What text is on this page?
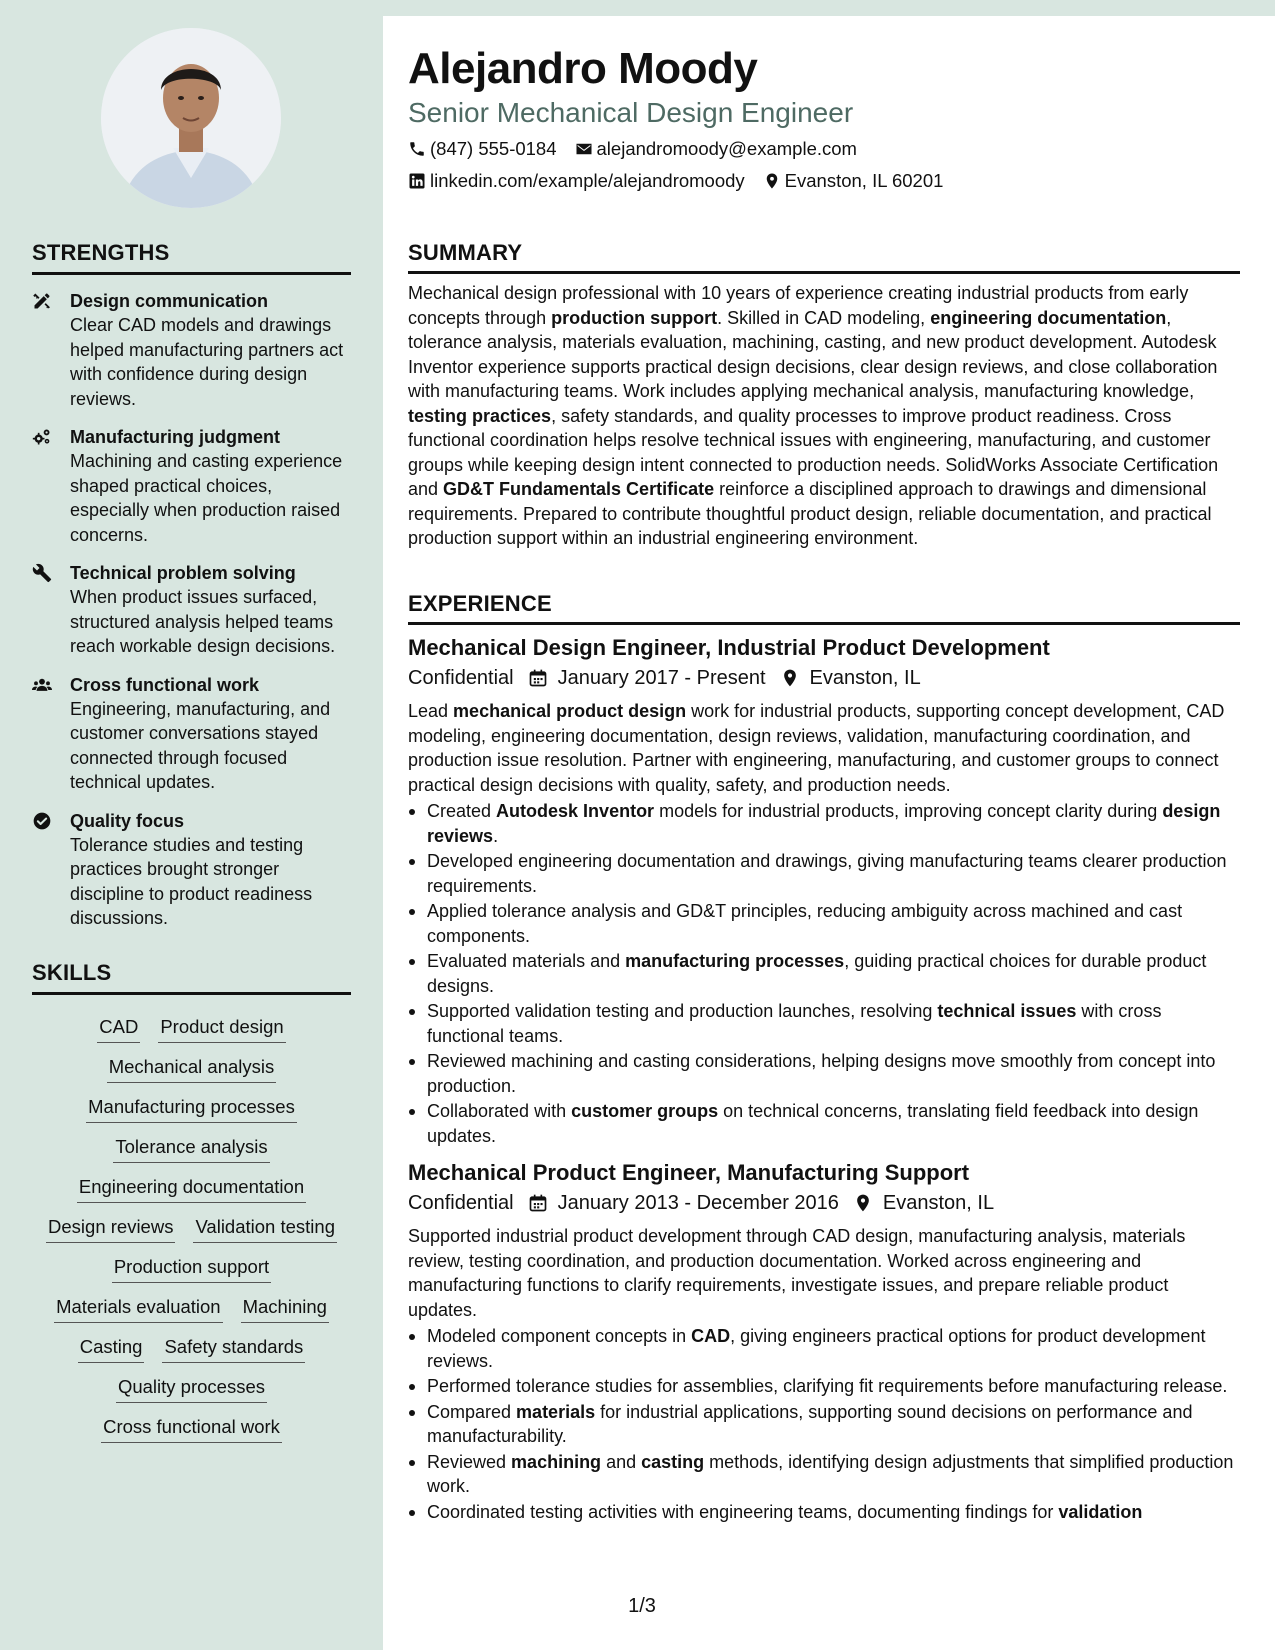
STRENGTHS
Design communication
Clear CAD models and drawings helped manufacturing partners act with confidence during design reviews.
Manufacturing judgment
Machining and casting experience shaped practical choices, especially when production raised concerns.
Technical problem solving
When product issues surfaced, structured analysis helped teams reach workable design decisions.
Cross functional work
Engineering, manufacturing, and customer conversations stayed connected through focused technical updates.
Quality focus
Tolerance studies and testing practices brought stronger discipline to product readiness discussions.
SKILLS
CAD Product design
Mechanical analysis
Manufacturing processes
Tolerance analysis
Engineering documentation
Design reviews Validation testing
Production support
Materials evaluation Machining
Casting Safety standards
Quality processes
Cross functional work
Alejandro Moody
Senior Mechanical Design Engineer
(847) 555-0184 alejandromoody@example.com
linkedin.com/example/alejandromoody Evanston, IL 60201
SUMMARY
Mechanical design professional with 10 years of experience creating industrial products from early concepts through production support. Skilled in CAD modeling, engineering documentation, tolerance analysis, materials evaluation, machining, casting, and new product development. Autodesk Inventor experience supports practical design decisions, clear design reviews, and close collaboration with manufacturing teams. Work includes applying mechanical analysis, manufacturing knowledge, testing practices, safety standards, and quality processes to improve product readiness. Cross functional coordination helps resolve technical issues with engineering, manufacturing, and customer groups while keeping design intent connected to production needs. SolidWorks Associate Certification and GD&T Fundamentals Certificate reinforce a disciplined approach to drawings and dimensional requirements. Prepared to contribute thoughtful product design, reliable documentation, and practical production support within an industrial engineering environment.
EXPERIENCE
Mechanical Design Engineer, Industrial Product Development
Confidential January 2017 - Present Evanston, IL
Lead mechanical product design work for industrial products, supporting concept development, CAD modeling, engineering documentation, design reviews, validation, manufacturing coordination, and production issue resolution. Partner with engineering, manufacturing, and customer groups to connect practical design decisions with quality, safety, and production needs.
Created Autodesk Inventor models for industrial products, improving concept clarity during design reviews.
Developed engineering documentation and drawings, giving manufacturing teams clearer production requirements.
Applied tolerance analysis and GD&T principles, reducing ambiguity across machined and cast components.
Evaluated materials and manufacturing processes, guiding practical choices for durable product designs.
Supported validation testing and production launches, resolving technical issues with cross functional teams.
Reviewed machining and casting considerations, helping designs move smoothly from concept into production.
Collaborated with customer groups on technical concerns, translating field feedback into design updates.
Mechanical Product Engineer, Manufacturing Support
Confidential January 2013 - December 2016 Evanston, IL
Supported industrial product development through CAD design, manufacturing analysis, materials review, testing coordination, and production documentation. Worked across engineering and manufacturing functions to clarify requirements, investigate issues, and prepare reliable product updates.
Modeled component concepts in CAD, giving engineers practical options for product development reviews.
Performed tolerance studies for assemblies, clarifying fit requirements before manufacturing release.
Compared materials for industrial applications, supporting sound decisions on performance and manufacturability.
Reviewed machining and casting methods, identifying design adjustments that simplified production work.
Coordinated testing activities with engineering teams, documenting findings for validation
1/3
